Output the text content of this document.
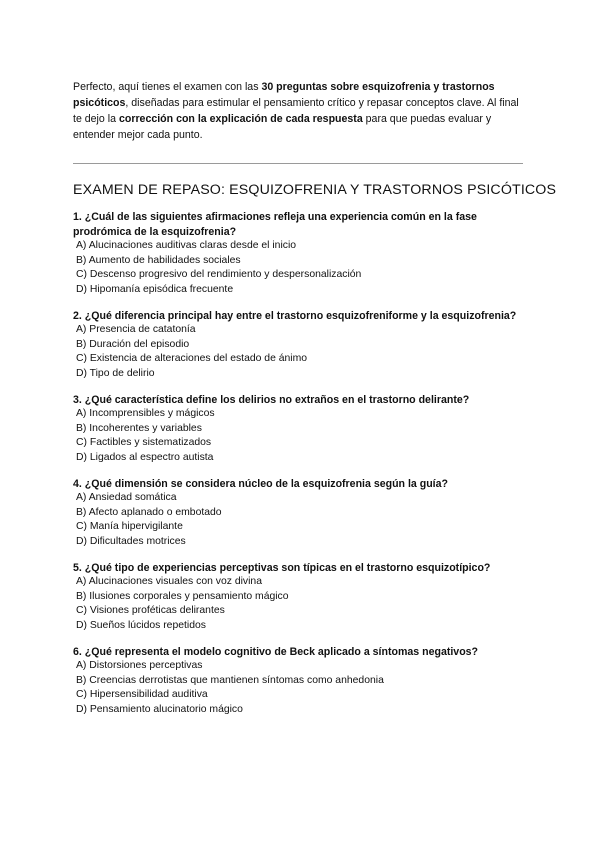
Perfecto, aquí tienes el examen con las 30 preguntas sobre esquizofrenia y trastornos psicóticos, diseñadas para estimular el pensamiento crítico y repasar conceptos clave. Al final te dejo la corrección con la explicación de cada respuesta para que puedas evaluar y entender mejor cada punto.

EXAMEN DE REPASO: ESQUIZOFRENIA Y TRASTORNOS PSICÓTICOS

1. ¿Cuál de las siguientes afirmaciones refleja una experiencia común en la fase prodrómica de la esquizofrenia?

A) Alucinaciones auditivas claras desde el inicio
B) Aumento de habilidades sociales
C) Descenso progresivo del rendimiento y despersonalización
D) Hipomanía episódica frecuente

2. ¿Qué diferencia principal hay entre el trastorno esquizofreniforme y la esquizofrenia?

A) Presencia de catatonía
B) Duración del episodio
C) Existencia de alteraciones del estado de ánimo
D) Tipo de delirio

3. ¿Qué característica define los delirios no extraños en el trastorno delirante?

A) Incomprensibles y mágicos
B) Incoherentes y variables
C) Factibles y sistematizados
D) Ligados al espectro autista

4. ¿Qué dimensión se considera núcleo de la esquizofrenia según la guía?

A) Ansiedad somática
B) Afecto aplanado o embotado
C) Manía hipervigilante
D) Dificultades motrices

5. ¿Qué tipo de experiencias perceptivas son típicas en el trastorno esquizotípico?

A) Alucinaciones visuales con voz divina
B) Ilusiones corporales y pensamiento mágico
C) Visiones proféticas delirantes
D) Sueños lúcidos repetidos

6. ¿Qué representa el modelo cognitivo de Beck aplicado a síntomas negativos?

A) Distorsiones perceptivas
B) Creencias derrotistas que mantienen síntomas como anhedonia
C) Hipersensibilidad auditiva
D) Pensamiento alucinatorio mágico
